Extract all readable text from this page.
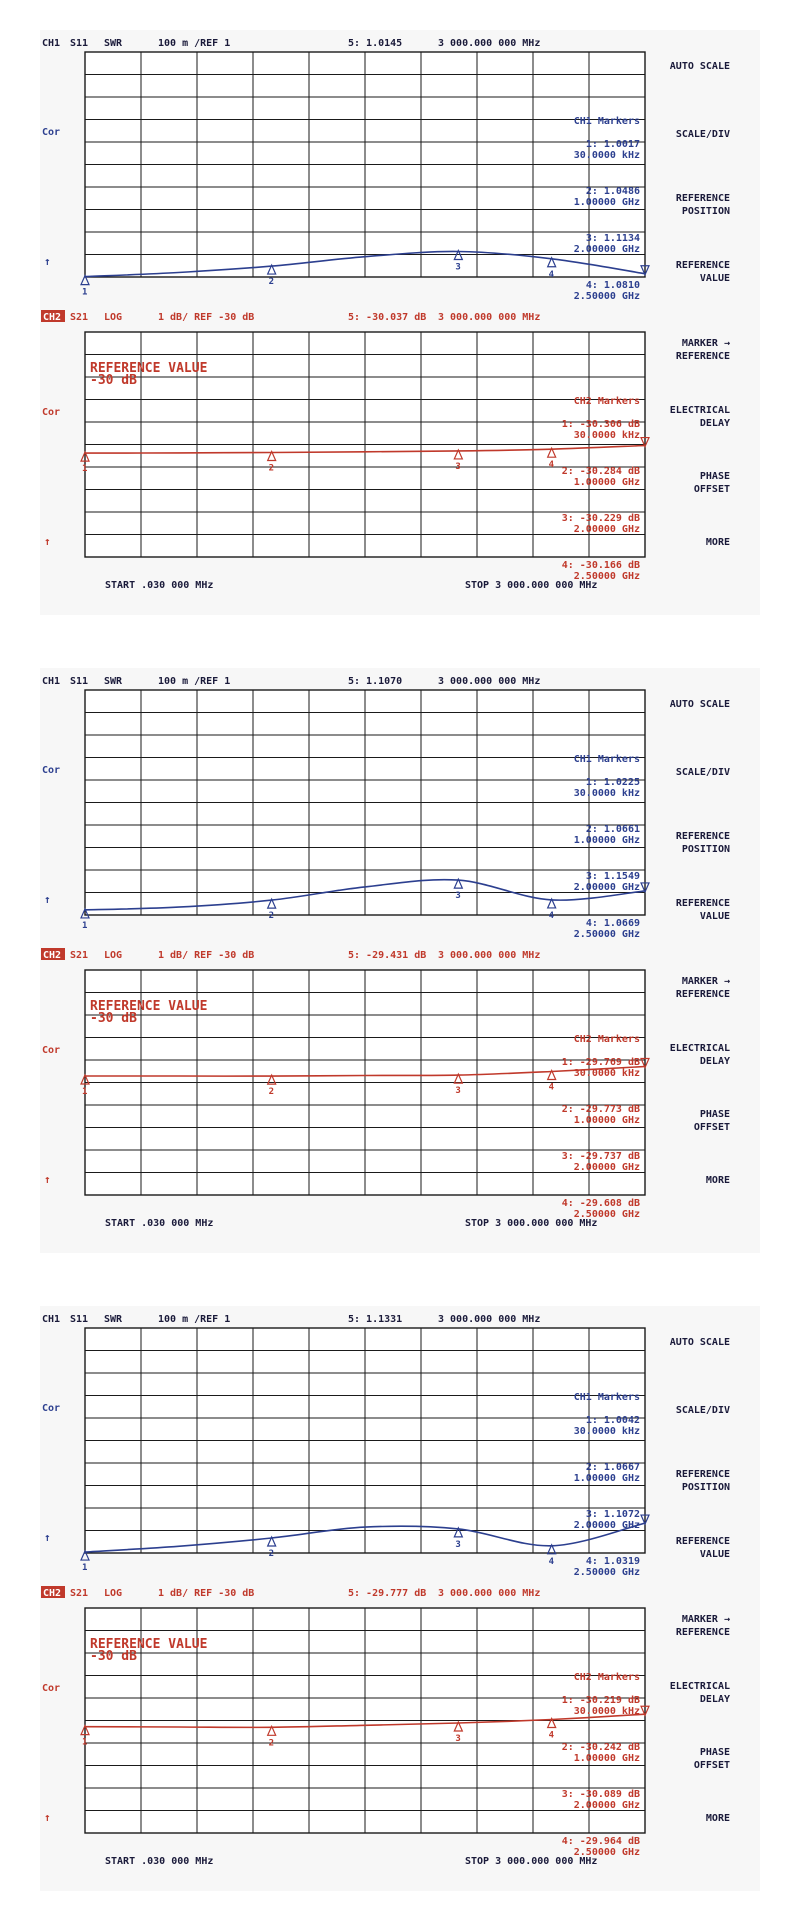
CH1 S11 SWR	100 m /REF 1	5: 1.0145	3 000.000 000 MHz
Cor
↑
1
2
3
4
CH1 Markers
1: 1.0017
30.0000 kHz
2: 1.0486
1.00000 GHz
3: 1.1134
2.00000 GHz
4: 1.0810
2.50000 GHz
CH2 S21 LOG	1 dB/ REF -30 dB	5: -30.037 dB 3 000.000 000 MHz
Cor
↑
1	2	3	4
CH2 Markers
1: -30.306 dB
30.0000 kHz
2: -30.284 dB
1.00000 GHz
3: -30.229 dB
2.00000 GHz
4: -30.166 dB
2.50000 GHz
REFERENCE VALUE
-30 dB
START .030 000 MHz	STOP 3 000.000 000 MHz
AUTO SCALE
SCALE/DIV
REFERENCE
POSITION
REFERENCE
VALUE
MARKER →
REFERENCE
ELECTRICAL
DELAY
PHASE
OFFSET
MORE
CH1 S11 SWR	100 m /REF 1	5: 1.1070	3 000.000 000 MHz
Cor
↑
1
2
3
4
CH1 Markers
1: 1.0225
30.0000 kHz
2: 1.0661
1.00000 GHz
3: 1.1549
2.00000 GHz
4: 1.0669
2.50000 GHz
CH2 S21 LOG	1 dB/ REF -30 dB	5: -29.431 dB 3 000.000 000 MHz
Cor
↑
1	2	3	4
CH2 Markers
1: -29.769 dB
30.0000 kHz
2: -29.773 dB
1.00000 GHz
3: -29.737 dB
2.00000 GHz
4: -29.608 dB
2.50000 GHz
REFERENCE VALUE
-30 dB
START .030 000 MHz	STOP 3 000.000 000 MHz
AUTO SCALE
SCALE/DIV
REFERENCE
POSITION
REFERENCE
VALUE
MARKER →
REFERENCE
ELECTRICAL
DELAY
PHASE
OFFSET
MORE
CH1 S11 SWR	100 m /REF 1	5: 1.1331	3 000.000 000 MHz
Cor
↑
1
2
3
4
CH1 Markers
1: 1.0042
30.0000 kHz
2: 1.0667
1.00000 GHz
3: 1.1072
2.00000 GHz
4: 1.0319
2.50000 GHz
CH2 S21 LOG	1 dB/ REF -30 dB	5: -29.777 dB 3 000.000 000 MHz
Cor
↑
1	2	3	4
CH2 Markers
1: -30.219 dB
30.0000 kHz
2: -30.242 dB
1.00000 GHz
3: -30.089 dB
2.00000 GHz
4: -29.964 dB
2.50000 GHz
REFERENCE VALUE
-30 dB
START .030 000 MHz	STOP 3 000.000 000 MHz
AUTO SCALE
SCALE/DIV
REFERENCE
POSITION
REFERENCE
VALUE
MARKER →
REFERENCE
ELECTRICAL
DELAY
PHASE
OFFSET
MORE
